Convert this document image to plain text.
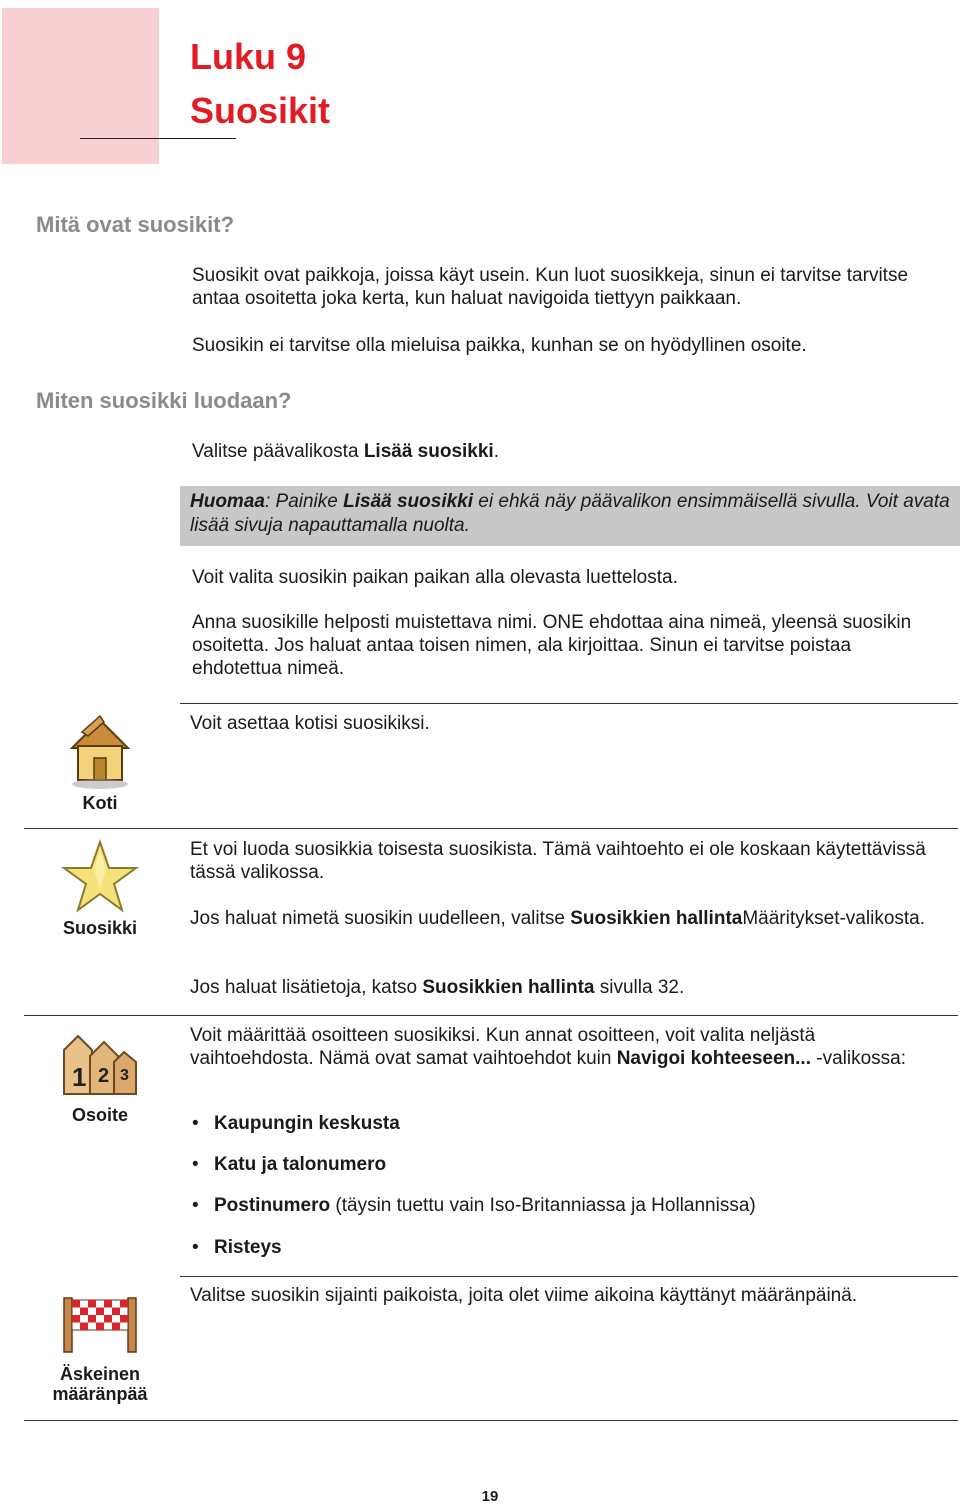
Luku 9
Suosikit
Mitä ovat suosikit?

Suosikit ovat paikkoja, joissa käyt usein. Kun luot suosikkeja, sinun ei tarvitse tarvitse antaa osoitetta joka kerta, kun haluat navigoida tiettyyn paikkaan.

Suosikin ei tarvitse olla mieluisa paikka, kunhan se on hyödyllinen osoite.

Miten suosikki luodaan?

Valitse päävalikosta Lisää suosikki.

Huomaa: Painike Lisää suosikki ei ehkä näy päävalikon ensimmäisellä sivulla. Voit avata lisää sivuja napauttamalla nuolta.

Voit valita suosikin paikan paikan alla olevasta luettelosta.

Anna suosikille helposti muistettava nimi. ONE ehdottaa aina nimeä, yleensä suosikin osoitetta. Jos haluat antaa toisen nimen, ala kirjoittaa. Sinun ei tarvitse poistaa ehdotettua nimeä.

Koti

Voit asettaa kotisi suosikiksi.

Suosikki

Et voi luoda suosikkia toisesta suosikista. Tämä vaihtoehto ei ole koskaan käytettävissä tässä valikossa.

Jos haluat nimetä suosikin uudelleen, valitse Suosikkien hallintaMääritykset-valikosta.

Jos haluat lisätietoja, katso Suosikkien hallinta sivulla 32.

1 2 3

Osoite

Voit määrittää osoitteen suosikiksi. Kun annat osoitteen, voit valita neljästä vaihtoehdosta. Nämä ovat samat vaihtoehdot kuin Navigoi kohteeseen... -valikossa:

• Kaupungin keskusta
• Katu ja talonumero
• Postinumero (täysin tuettu vain Iso-Britanniassa ja Hollannissa)
• Risteys

Äskeinen
määränpää

Valitse suosikin sijainti paikoista, joita olet viime aikoina käyttänyt määränpäinä.

19
